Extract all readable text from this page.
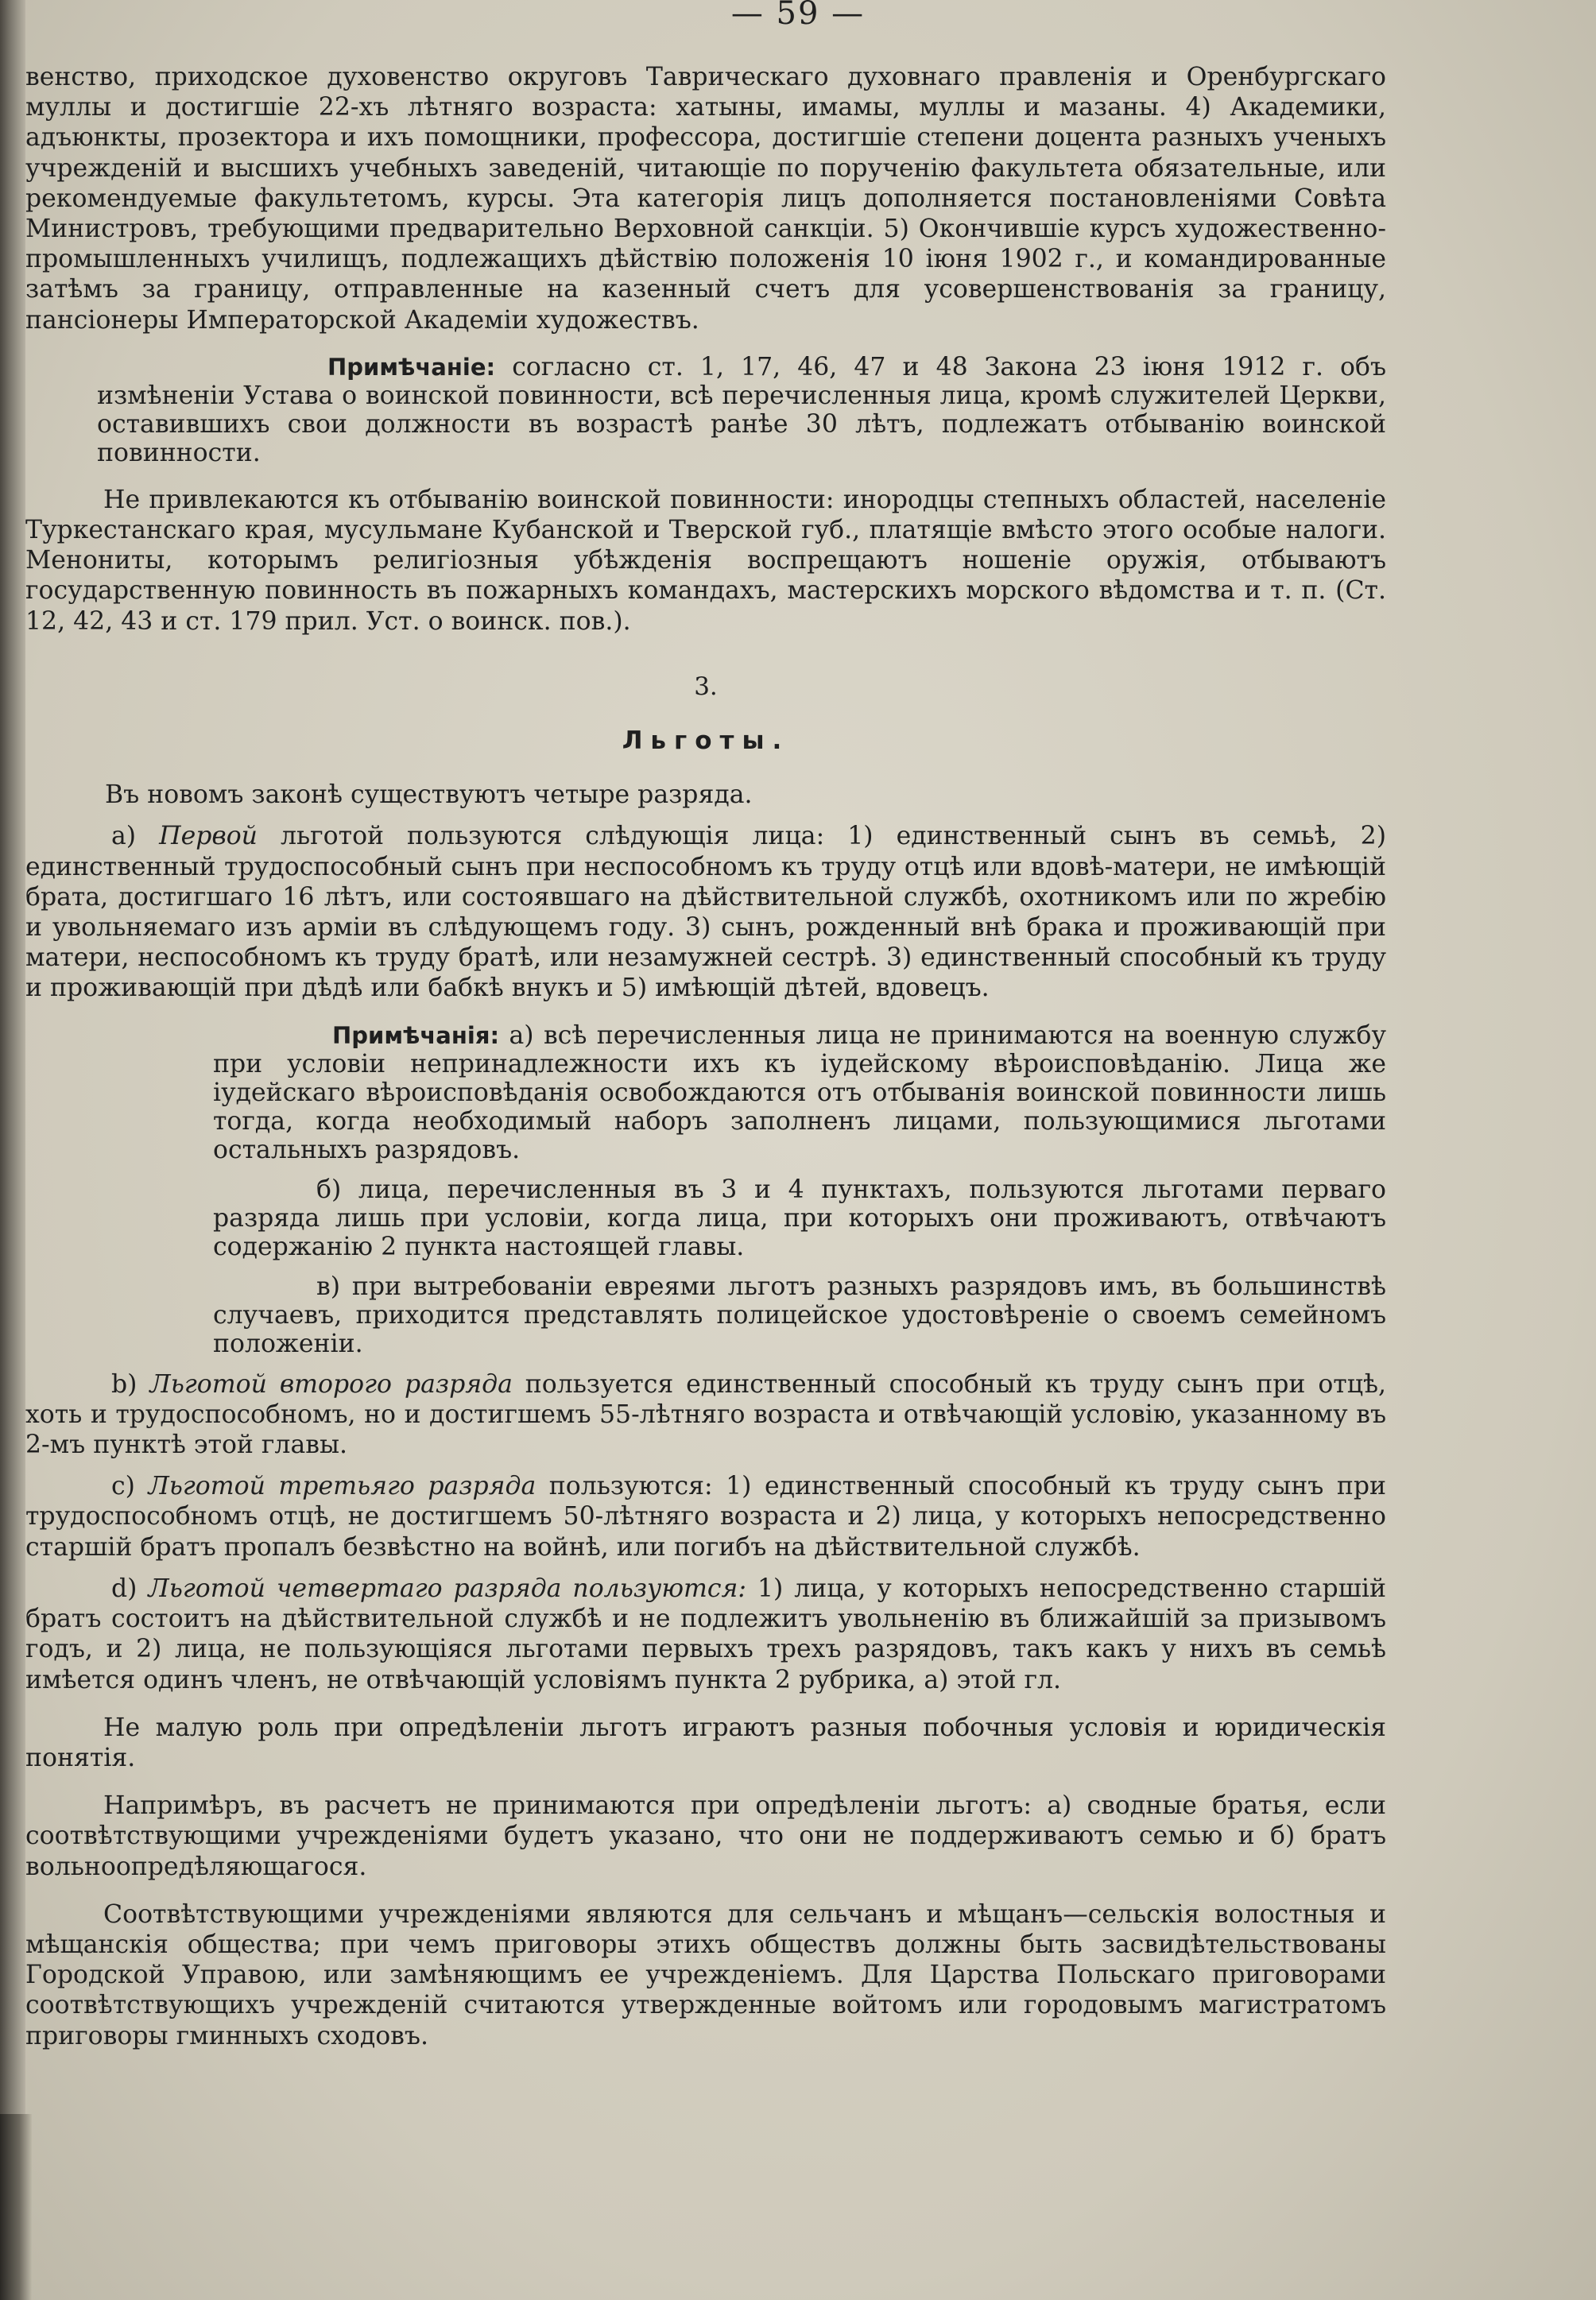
— 59 —

венство, приходское духовенство округовъ Таврическаго духовнаго правленія и Оренбургскаго муллы и достигшіе 22-хъ лѣтняго возраста: хатыны, имамы, муллы и мазаны. 4) Академики, адъюнкты, прозектора и ихъ помощники, профессора, достигшіе степени доцента разныхъ ученыхъ учрежденій и высшихъ учебныхъ заведеній, читающіе по порученію факультета обязательные, или рекомендуемые факультетомъ, курсы. Эта категорія лицъ дополняется постановленіями Совѣта Министровъ, требующими предварительно Верховной санкціи. 5) Окончившіе курсъ художественно-промышленныхъ училищъ, подлежащихъ дѣйствію положенія 10 іюня 1902 г., и командированные затѣмъ за границу, отправленные на казенный счетъ для усовершенствованія за границу, пансіонеры Императорской Академіи художествъ.

Примѣчаніе: согласно ст. 1, 17, 46, 47 и 48 Закона 23 іюня 1912 г. объ измѣненіи Устава о воинской повинности, всѣ перечисленныя лица, кромѣ служителей Церкви, оставившихъ свои должности въ возрастѣ ранѣе 30 лѣтъ, подлежатъ отбыванію воинской повинности.

Не привлекаются къ отбыванію воинской повинности: инородцы степныхъ областей, населеніе Туркестанскаго края, мусульмане Кубанской и Тверской губ., платящіе вмѣсто этого особые налоги. Менониты, которымъ религіозныя убѣжденія воспрещаютъ ношеніе оружія, отбываютъ государственную повинность въ пожарныхъ командахъ, мастерскихъ морского вѣдомства и т. п. (Ст. 12, 42, 43 и ст. 179 прил. Уст. о воинск. пов.).

3.
Льготы.

Въ новомъ законѣ существуютъ четыре разряда.

а) Первой льготой пользуются слѣдующія лица: 1) единственный сынъ въ семьѣ, 2) единственный трудоспособный сынъ при неспособномъ къ труду отцѣ или вдовѣ-матери, не имѣющій брата, достигшаго 16 лѣтъ, или состоявшаго на дѣйствительной службѣ, охотникомъ или по жребію и увольняемаго изъ арміи въ слѣдующемъ году. 3) сынъ, рожденный внѣ брака и проживающій при матери, неспособномъ къ труду братѣ, или незамужней сестрѣ. 3) единственный способный къ труду и проживающій при дѣдѣ или бабкѣ внукъ и 5) имѣющій дѣтей, вдовецъ.

Примѣчанія: а) всѣ перечисленныя лица не принимаются на военную службу при условіи непринадлежности ихъ къ іудейскому вѣроисповѣданію. Лица же іудейскаго вѣроисповѣданія освобождаются отъ отбыванія воинской повинности лишь тогда, когда необходимый наборъ заполненъ лицами, пользующимися льготами остальныхъ разрядовъ.

б) лица, перечисленныя въ 3 и 4 пунктахъ, пользуются льготами перваго разряда лишь при условіи, когда лица, при которыхъ они проживаютъ, отвѣчаютъ содержанію 2 пункта настоящей главы.

в) при вытребованіи евреями льготъ разныхъ разрядовъ имъ, въ большинствѣ случаевъ, приходится представлять полицейское удостовѣреніе о своемъ семейномъ положеніи.

b) Льготой второго разряда пользуется единственный способный къ труду сынъ при отцѣ, хоть и трудоспособномъ, но и достигшемъ 55-лѣтняго возраста и отвѣчающій условію, указанному въ 2-мъ пунктѣ этой главы.

c) Льготой третьяго разряда пользуются: 1) единственный способный къ труду сынъ при трудоспособномъ отцѣ, не достигшемъ 50-лѣтняго возраста и 2) лица, у которыхъ непосредственно старшій братъ пропалъ безвѣстно на войнѣ, или погибъ на дѣйствительной службѣ.

d) Льготой четвертаго разряда пользуются: 1) лица, у которыхъ непосредственно старшій братъ состоитъ на дѣйствительной службѣ и не подлежитъ увольненію въ ближайшій за призывомъ годъ, и 2) лица, не пользующіяся льготами первыхъ трехъ разрядовъ, такъ какъ у нихъ въ семьѣ имѣется одинъ членъ, не отвѣчающій условіямъ пункта 2 рубрика, а) этой гл.

Не малую роль при опредѣленіи льготъ играютъ разныя побочныя условія и юридическія понятія.

Напримѣръ, въ расчетъ не принимаются при опредѣленіи льготъ: а) сводные братья, если соотвѣтствующими учрежденіями будетъ указано, что они не поддерживаютъ семью и б) братъ вольноопредѣляющагося.

Соотвѣтствующими учрежденіями являются для сельчанъ и мѣщанъ—сельскія волостныя и мѣщанскія общества; при чемъ приговоры этихъ обществъ должны быть засвидѣтельствованы Городской Управою, или замѣняющимъ ее учрежденіемъ. Для Царства Польскаго приговорами соотвѣтствующихъ учрежденій считаются утвержденные войтомъ или городовымъ магистратомъ приговоры гминныхъ сходовъ.
